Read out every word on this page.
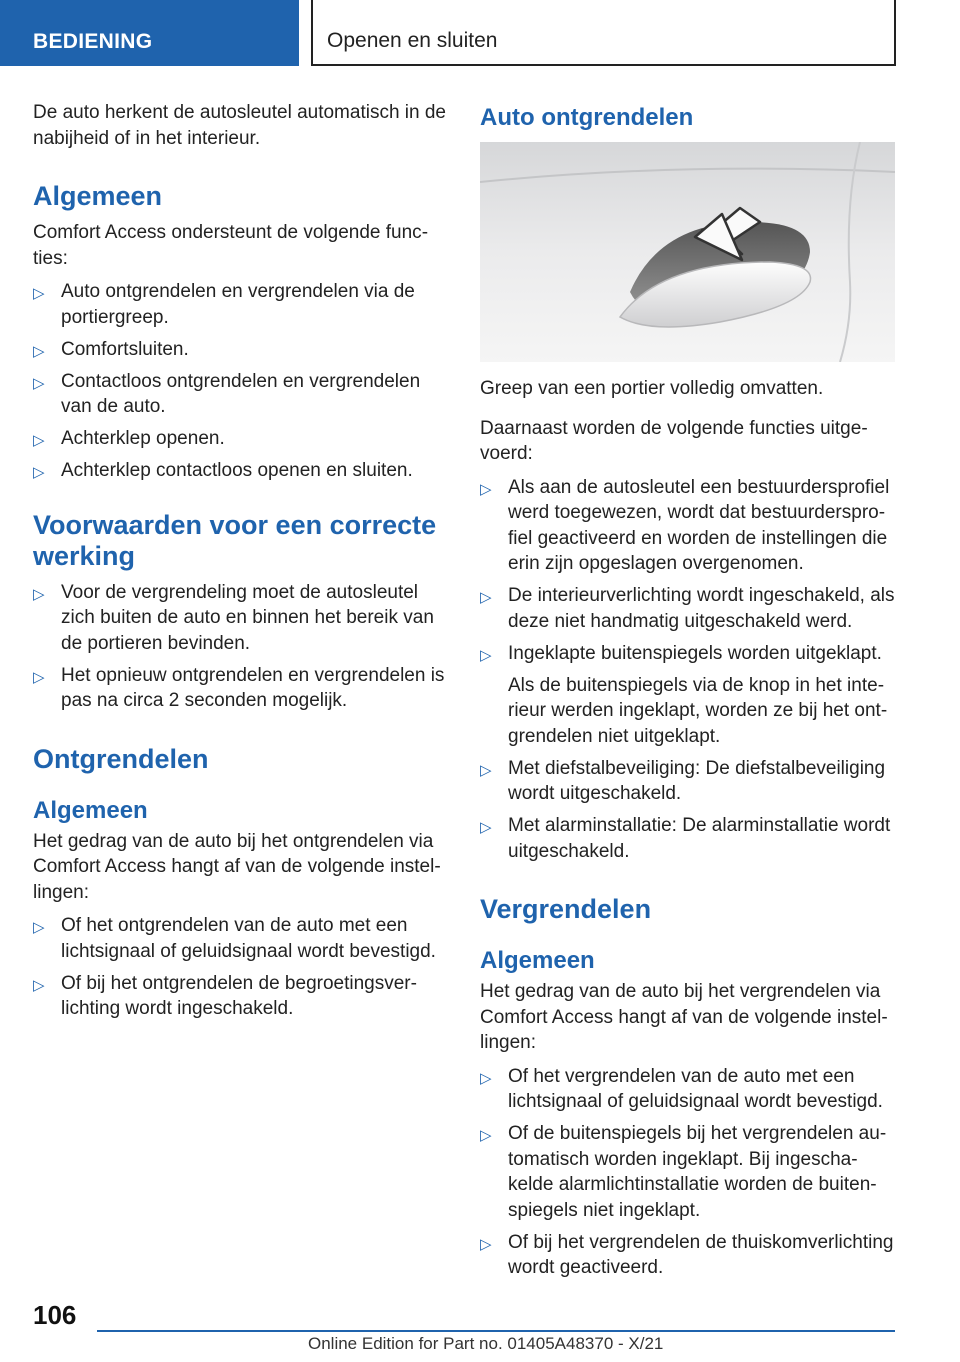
BEDIENING	Openen en sluiten

De auto herkent de autosleutel automatisch in de nabijheid of in het interieur.

Algemeen

Comfort Access ondersteunt de volgende functies:

▷ Auto ontgrendelen en vergrendelen via de portiergreep.
▷ Comfortsluiten.
▷ Contactloos ontgrendelen en vergrendelen van de auto.
▷ Achterklep openen.
▷ Achterklep contactloos openen en sluiten.
Voorwaarden voor een correcte werking
▷ Voor de vergrendeling moet de autosleutel zich buiten de auto en binnen het bereik van de portieren bevinden.
▷ Het opnieuw ontgrendelen en vergrendelen is pas na circa 2 seconden mogelijk.
Ontgrendelen
Algemeen

Het gedrag van de auto bij het ontgrendelen via Comfort Access hangt af van de volgende instellingen:

▷ Of het ontgrendelen van de auto met een lichtsignaal of geluidsignaal wordt bevestigd.
▷ Of bij het ontgrendelen de begroetingsverlichting wordt ingeschakeld.
Auto ontgrendelen

Greep van een portier volledig omvatten.

Daarnaast worden de volgende functies uitgevoerd:

▷ Als aan de autosleutel een bestuurdersprofiel werd toegewezen, wordt dat bestuurdersprofiel geactiveerd en worden de instellingen die erin zijn opgeslagen overgenomen.
▷ De interieurverlichting wordt ingeschakeld, als deze niet handmatig uitgeschakeld werd.
▷ Ingeklapte buitenspiegels worden uitgeklapt.
Als de buitenspiegels via de knop in het interieur werden ingeklapt, worden ze bij het ontgrendelen niet uitgeklapt.
▷ Met diefstalbeveiliging: De diefstalbeveiliging wordt uitgeschakeld.
▷ Met alarminstallatie: De alarminstallatie wordt uitgeschakeld.
Vergrendelen
Algemeen

Het gedrag van de auto bij het vergrendelen via Comfort Access hangt af van de volgende instellingen:

▷ Of het vergrendelen van de auto met een lichtsignaal of geluidsignaal wordt bevestigd.
▷ Of de buitenspiegels bij het vergrendelen automatisch worden ingeklapt. Bij ingeschakelde alarmlichtinstallatie worden de buitenspiegels niet ingeklapt.
▷ Of bij het vergrendelen de thuiskomverlichting wordt geactiveerd.
106
Online Edition for Part no. 01405A48370 - X/21
